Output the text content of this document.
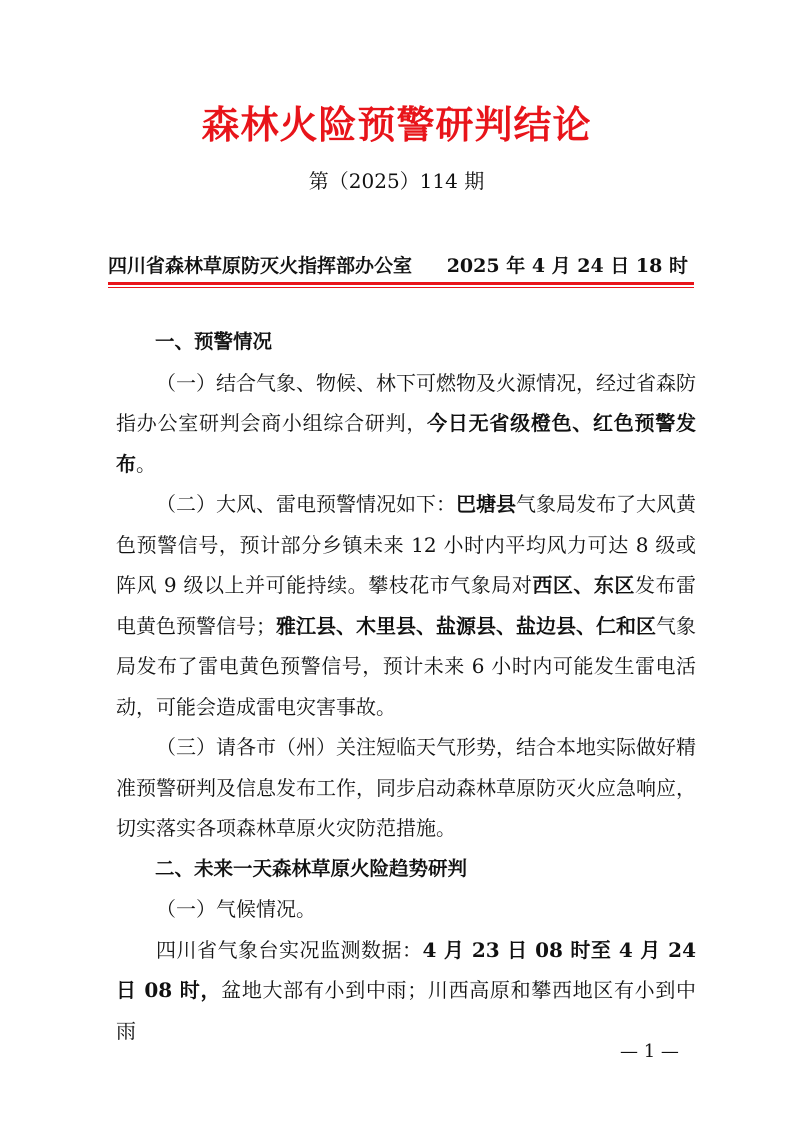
森林火险预警研判结论
第（2025）114 期
四川省森林草原防灭火指挥部办公室 2025 年 4 月 24 日 18 时

一、预警情况

（一）结合气象、物候、林下可燃物及火源情况，经过省森防指办公室研判会商小组综合研判，今日无省级橙色、红色预警发布。

（二）大风、雷电预警情况如下：巴塘县气象局发布了大风黄色预警信号，预计部分乡镇未来 12 小时内平均风力可达 8 级或阵风 9 级以上并可能持续。攀枝花市气象局对西区、东区发布雷电黄色预警信号；雅江县、木里县、盐源县、盐边县、仁和区气象局发布了雷电黄色预警信号，预计未来 6 小时内可能发生雷电活动，可能会造成雷电灾害事故。

（三）请各市（州）关注短临天气形势，结合本地实际做好精准预警研判及信息发布工作，同步启动森林草原防灭火应急响应，切实落实各项森林草原火灾防范措施。

二、未来一天森林草原火险趋势研判

（一）气候情况。

四川省气象台实况监测数据：4 月 23 日 08 时至 4 月 24 日 08 时，盆地大部有小到中雨；川西高原和攀西地区有小到中雨

— 1 —
